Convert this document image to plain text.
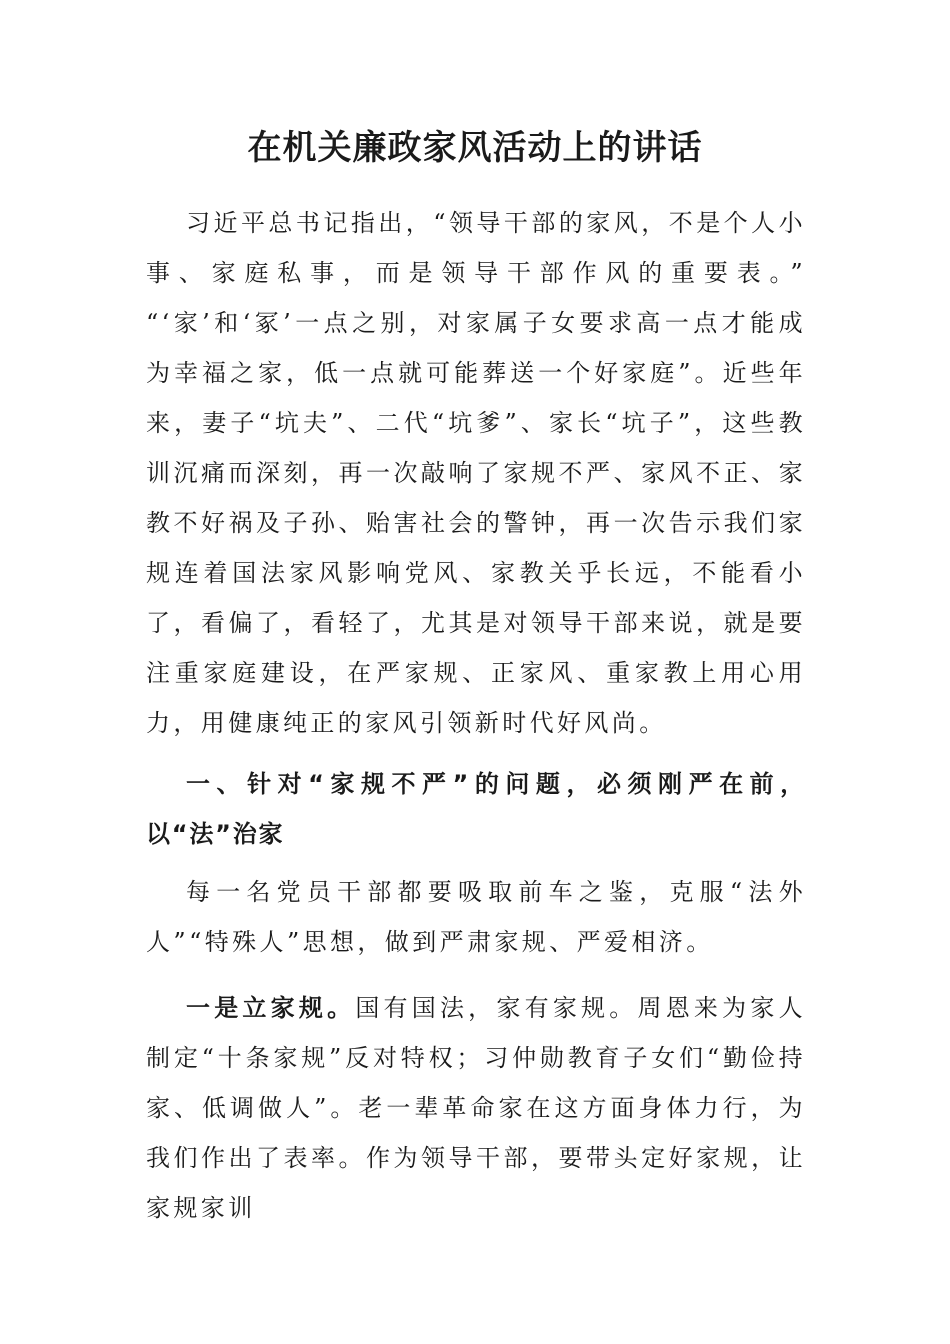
在机关廉政家风活动上的讲话

习近平总书记指出，“领导干部的家风，不是个人小事、家庭私事，而是领导干部作风的重要表。” “‘家’和‘冢’一点之别，对家属子女要求高一点才能成为幸福之家，低一点就可能葬送一个好家庭”。近些年来，妻子“坑夫”、二代“坑爹”、家长“坑子”，这些教训沉痛而深刻，再一次敲响了家规不严、家风不正、家教不好祸及子孙、贻害社会的警钟，再一次告示我们家规连着国法家风影响党风、家教关乎长远，不能看小了，看偏了，看轻了，尤其是对领导干部来说，就是要注重家庭建设，在严家规、正家风、重家教上用心用力，用健康纯正的家风引领新时代好风尚。

一、针对“家规不严”的问题，必须刚严在前，以“法”治家

每一名党员干部都要吸取前车之鉴，克服“法外人”“特殊人”思想，做到严肃家规、严爱相济。

一是立家规。国有国法，家有家规。周恩来为家人制定“十条家规”反对特权；习仲勋教育子女们“勤俭持家、低调做人”。老一辈革命家在这方面身体力行，为我们作出了表率。作为领导干部，要带头定好家规，让家规家训
